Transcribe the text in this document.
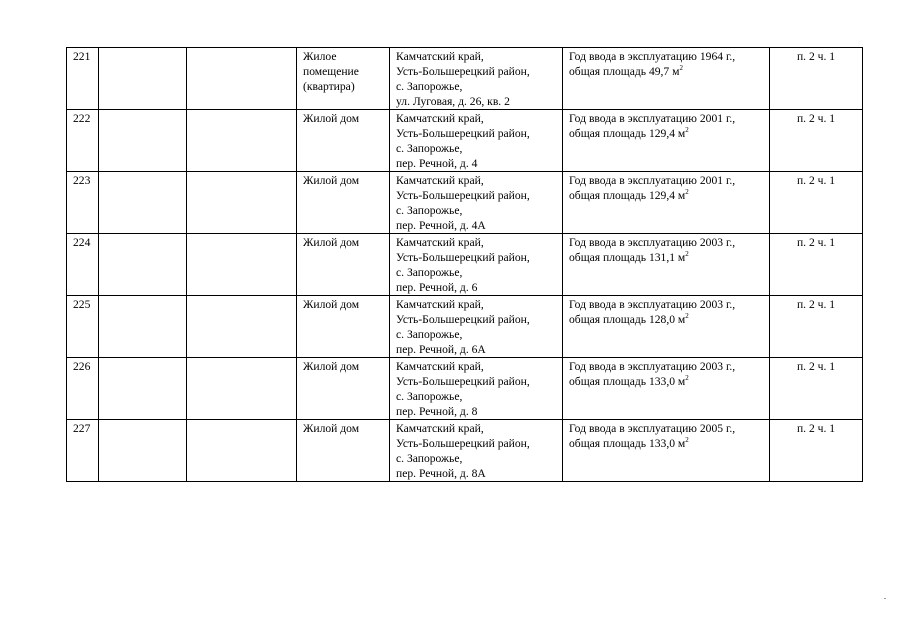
221			Жилое
помещение
(квартира)	Камчатский край,
Усть-Большерецкий район,
с. Запорожье,
ул. Луговая, д. 26, кв. 2	Год ввода в эксплуатацию 1964 г.,
общая площадь 49,7 $м^2$	п. 2 ч. 1
222			Жилой дом	Камчатский край,
Усть-Большерецкий район,
с. Запорожье,
пер. Речной, д. 4	Год ввода в эксплуатацию 2001 г.,
общая площадь 129,4 $м^2$	п. 2 ч. 1
223			Жилой дом	Камчатский край,
Усть-Большерецкий район,
с. Запорожье,
пер. Речной, д. 4А	Год ввода в эксплуатацию 2001 г.,
общая площадь 129,4 $м^2$	п. 2 ч. 1
224			Жилой дом	Камчатский край,
Усть-Большерецкий район,
с. Запорожье,
пер. Речной, д. 6	Год ввода в эксплуатацию 2003 г.,
общая площадь 131,1 $м^2$	п. 2 ч. 1
225			Жилой дом	Камчатский край,
Усть-Большерецкий район,
с. Запорожье,
пер. Речной, д. 6А	Год ввода в эксплуатацию 2003 г.,
общая площадь 128,0 $м^2$	п. 2 ч. 1
226			Жилой дом	Камчатский край,
Усть-Большерецкий район,
с. Запорожье,
пер. Речной, д. 8	Год ввода в эксплуатацию 2003 г.,
общая площадь 133,0 $м^2$	п. 2 ч. 1
227			Жилой дом	Камчатский край,
Усть-Большерецкий район,
с. Запорожье,
пер. Речной, д. 8А	Год ввода в эксплуатацию 2005 г.,
общая площадь 133,0 $м^2$	п. 2 ч. 1
